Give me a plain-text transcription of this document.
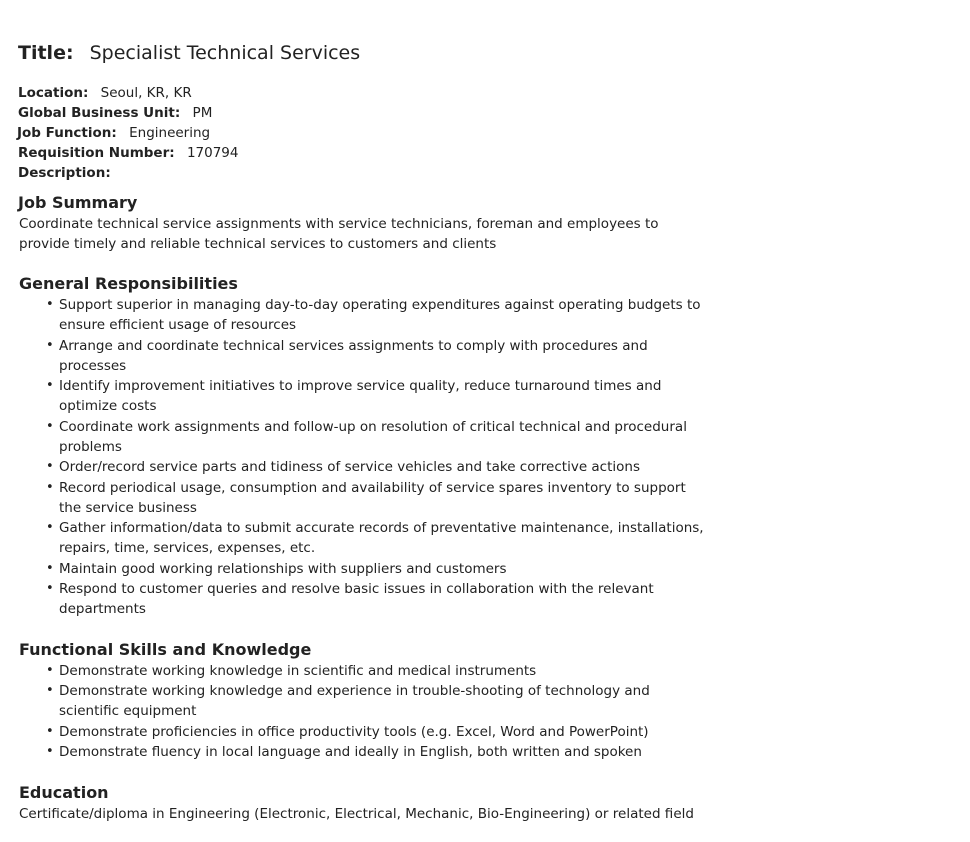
Title: Specialist Technical Services
Location: Seoul, KR, KR
Global Business Unit: PM
Job Function: Engineering
Requisition Number: 170794
Description:
Job Summary

Coordinate technical service assignments with service technicians, foreman and employees to provide timely and reliable technical services to customers and clients

General Responsibilities
• Support superior in managing day-to-day operating expenditures against operating budgets to ensure efficient usage of resources
• Arrange and coordinate technical services assignments to comply with procedures and processes
• Identify improvement initiatives to improve service quality, reduce turnaround times and optimize costs
• Coordinate work assignments and follow-up on resolution of critical technical and procedural problems
• Order/record service parts and tidiness of service vehicles and take corrective actions
• Record periodical usage, consumption and availability of service spares inventory to support the service business
• Gather information/data to submit accurate records of preventative maintenance, installations, repairs, time, services, expenses, etc.
• Maintain good working relationships with suppliers and customers
• Respond to customer queries and resolve basic issues in collaboration with the relevant departments
Functional Skills and Knowledge
• Demonstrate working knowledge in scientific and medical instruments
• Demonstrate working knowledge and experience in trouble-shooting of technology and scientific equipment
• Demonstrate proficiencies in office productivity tools (e.g. Excel, Word and PowerPoint)
• Demonstrate fluency in local language and ideally in English, both written and spoken
Education

Certificate/diploma in Engineering (Electronic, Electrical, Mechanic, Bio-Engineering) or related field
